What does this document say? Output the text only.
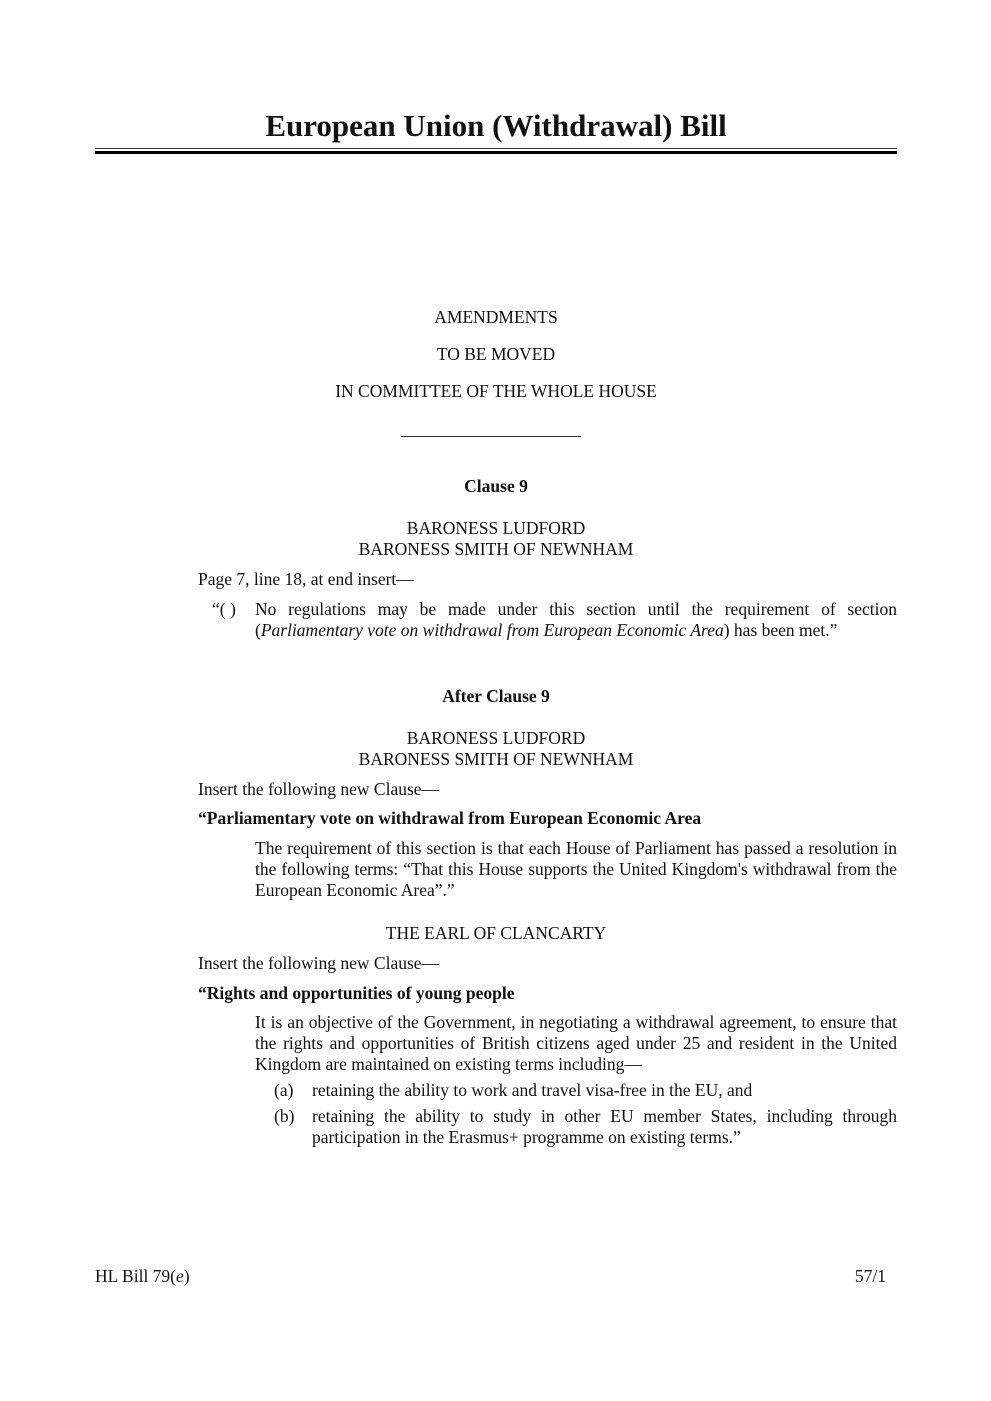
European Union (Withdrawal) Bill
AMENDMENTS
TO BE MOVED
IN COMMITTEE OF THE WHOLE HOUSE
Clause 9
BARONESS LUDFORD
BARONESS SMITH OF NEWNHAM
Page 7, line 18, at end insert—
“( ) No regulations may be made under this section until the requirement of section (Parliamentary vote on withdrawal from European Economic Area) has been met.”
After Clause 9
BARONESS LUDFORD
BARONESS SMITH OF NEWNHAM
Insert the following new Clause—
“Parliamentary vote on withdrawal from European Economic Area
The requirement of this section is that each House of Parliament has passed a resolution in the following terms: “That this House supports the United Kingdom's withdrawal from the European Economic Area”.”
THE EARL OF CLANCARTY
Insert the following new Clause—
“Rights and opportunities of young people
It is an objective of the Government, in negotiating a withdrawal agreement, to ensure that the rights and opportunities of British citizens aged under 25 and resident in the United Kingdom are maintained on existing terms including—
(a) retaining the ability to work and travel visa-free in the EU, and
(b) retaining the ability to study in other EU member States, including through participation in the Erasmus+ programme on existing terms.”
HL Bill 79(e)	57/1
